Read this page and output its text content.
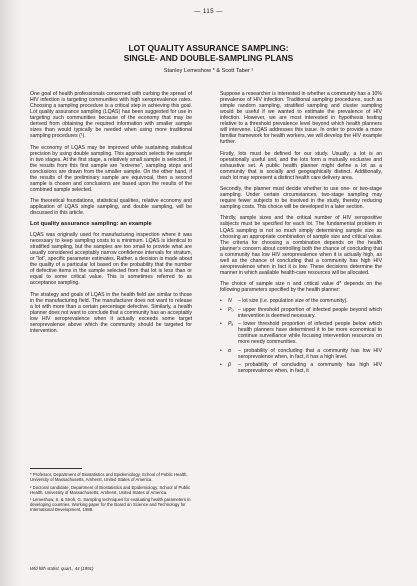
— 115 —
LOT QUALITY ASSURANCE SAMPLING:
SINGLE- AND DOUBLE-SAMPLING PLANS
Stanley Lemeshow * & Scott Taber ²

One goal of health professionals concerned with curbing the spread of HIV infection is targeting communities with high seroprevalence rates. Choosing a sampling procedure is a critical step in achieving this goal. Lot quality assurance sampling (LQAS) has been suggested for use in targeting such communities because of the economy that may be derived from obtaining the required information with smaller sample sizes than would typically be needed when using more traditional sampling procedures (¹).

The economy of LQAS may be improved while sustaining statistical precision by using double sampling. This approach selects the sample in two stages. At the first stage, a relatively small sample is selected. If the results from this first sample are "extreme", sampling stops and conclusions are drawn from the smaller sample. On the other hand, if the results of the preliminary sample are equivocal, then a second sample is chosen and conclusions are based upon the results of the combined sample selected.

The theoretical foundations, statistical qualities, relative economy and application of LQAS single sampling, and double sampling, will be discussed in this article.

Lot quality assurance sampling: an example

LQAS was originally used for manufacturing inspection where it was necessary to keep sampling costs to a minimum. LQAS is identical to stratified sampling, but the samples are too small to provide what are usually considered acceptably narrow confidence intervals for stratum, or "lot", specific parameter estimates. Rather, a decision is made about the quality of a particular lot based on the probability that the number of defective items in the sample selected from that lot is less than or equal to some critical value. This is sometimes referred to as acceptance sampling.

The strategy and goals of LQAS in the health field are similar to those in the manufacturing field. The manufacturer does not want to release a lot with more than a certain percentage defective. Similarly, a health planner does not want to conclude that a community has an acceptably low HIV seroprevalence when it actually exceeds some target seroprevalence above which the community should be targeted for intervention.

Suppose a researcher is interested in whether a community has a 10% prevalence of HIV infection. Traditional sampling procedures, such as simple random sampling, stratified sampling and cluster sampling would be useful if we wanted to estimate the prevalence of HIV infection. However, we are most interested in hypothesis testing relative to a threshold prevalence level beyond which health planners will intervene. LQAS addresses this issue. In order to provide a more familiar framework for health workers, we will develop the HIV example further.

Firstly, lots must be defined for our study. Usually, a lot is an operationally useful unit, and the lots form a mutually exclusive and exhaustive set. A public health planner might define a lot as a community that is socially and geographically distinct. Additionally, each lot may represent a distinct health care delivery area.

Secondly, the planner must decide whether to use one- or two-stage sampling. Under certain circumstances, two-stage sampling may require fewer subjects to be involved in the study, thereby reducing sampling costs. This choice will be developed in a later section.

Thirdly, sample sizes and the critical number of HIV seropositive subjects must be specified for each lot. The fundamental problem in LQAS sampling is not so much simply determining sample size as choosing an appropriate combination of sample size and critical value. The criteria for choosing a combination depends on the health planner's concern about controlling both the chance of concluding that a community has low HIV seroprevalence when it is actually high, as well as the chance of concluding that a community has high HIV seroprevalence when in fact it is low. These decisions determine the manner in which available health-care resources will be allocated.

The choice of sample size n and critical value d* depends on the following parameters specified by the health planner:

•	N	– lot size (i.e. population size of the community).
•	P₀ – upper threshold proportion of infected people beyond which intervention is deemed necessary.
•	Pₐ – lower threshold proportion of infected people below which health planners have determined it to be more economical to continue surveillance while focusing intervention resources on more needy communities.
•	α	– probability of concluding that a community has low HIV seroprevalence when, in fact, it has a high level.
•	β	– probability of concluding a community has high HIV seroprevalence when, in fact, it

* Professor, Department of Biostatistics and Epidemiology, School of Public Health, University of Massachusetts, Amherst, United States of America.

² Doctoral candidate, Department of Biostatistics and Epidemiology, School of Public Health, University of Massachusetts, Amherst, United States of America.

¹ Lemeshow, S. & Stroh, G. Sampling techniques for evaluating health parameters in developing countries. Working paper for the Board on Science and Technology for International Development, 1988.

Wld hlth statist. quart., 44 (1991)
